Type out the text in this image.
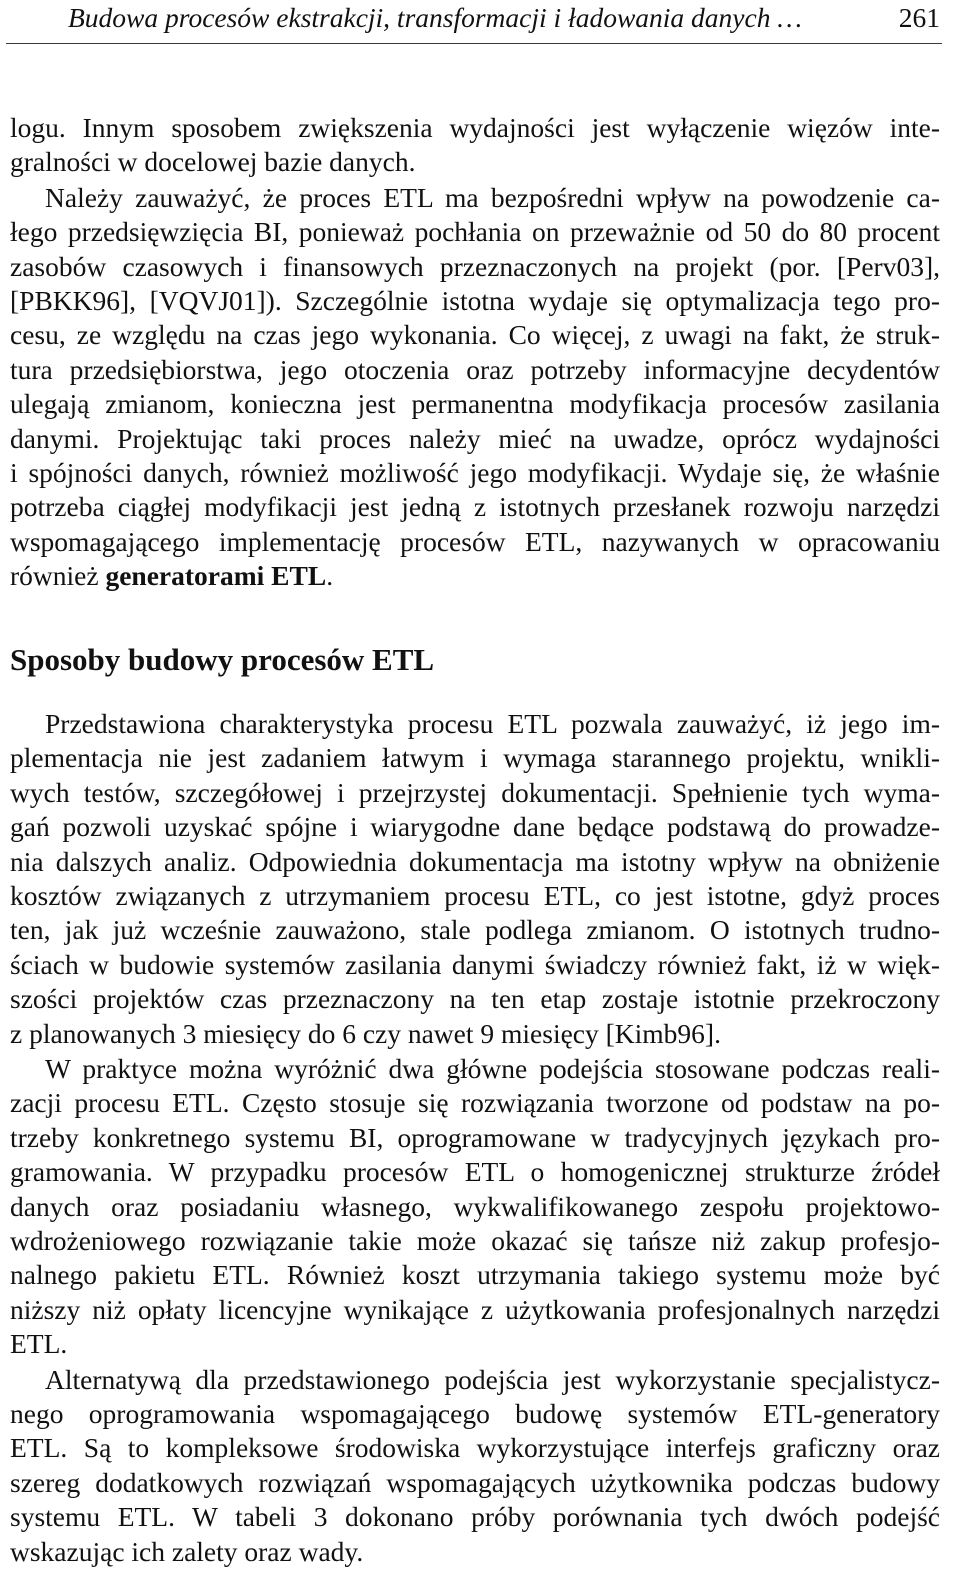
Budowa procesów ekstrakcji, transformacji i ładowania danych …	261
logu. Innym sposobem zwiększenia wydajności jest wyłączenie więzów inte-
gralności w docelowej bazie danych.
Należy zauważyć, że proces ETL ma bezpośredni wpływ na powodzenie ca-
łego przedsięwzięcia BI, ponieważ pochłania on przeważnie od 50 do 80 procent
zasobów czasowych i finansowych przeznaczonych na projekt (por. [Perv03],
[PBKK96], [VQVJ01]). Szczególnie istotna wydaje się optymalizacja tego pro-
cesu, ze względu na czas jego wykonania. Co więcej, z uwagi na fakt, że struk-
tura przedsiębiorstwa, jego otoczenia oraz potrzeby informacyjne decydentów
ulegają zmianom, konieczna jest permanentna modyfikacja procesów zasilania
danymi. Projektując taki proces należy mieć na uwadze, oprócz wydajności
i spójności danych, również możliwość jego modyfikacji. Wydaje się, że właśnie
potrzeba ciągłej modyfikacji jest jedną z istotnych przesłanek rozwoju narzędzi
wspomagającego implementację procesów ETL, nazywanych w opracowaniu
również generatorami ETL.
Sposoby budowy procesów ETL
Przedstawiona charakterystyka procesu ETL pozwala zauważyć, iż jego im-
plementacja nie jest zadaniem łatwym i wymaga starannego projektu, wnikli-
wych testów, szczegółowej i przejrzystej dokumentacji. Spełnienie tych wyma-
gań pozwoli uzyskać spójne i wiarygodne dane będące podstawą do prowadze-
nia dalszych analiz. Odpowiednia dokumentacja ma istotny wpływ na obniżenie
kosztów związanych z utrzymaniem procesu ETL, co jest istotne, gdyż proces
ten, jak już wcześnie zauważono, stale podlega zmianom. O istotnych trudno-
ściach w budowie systemów zasilania danymi świadczy również fakt, iż w więk-
szości projektów czas przeznaczony na ten etap zostaje istotnie przekroczony
z planowanych 3 miesięcy do 6 czy nawet 9 miesięcy [Kimb96].
W praktyce można wyróżnić dwa główne podejścia stosowane podczas reali-
zacji procesu ETL. Często stosuje się rozwiązania tworzone od podstaw na po-
trzeby konkretnego systemu BI, oprogramowane w tradycyjnych językach pro-
gramowania. W przypadku procesów ETL o homogenicznej strukturze źródeł
danych oraz posiadaniu własnego, wykwalifikowanego zespołu projektowo-
wdrożeniowego rozwiązanie takie może okazać się tańsze niż zakup profesjo-
nalnego pakietu ETL. Również koszt utrzymania takiego systemu może być
niższy niż opłaty licencyjne wynikające z użytkowania profesjonalnych narzędzi
ETL.
Alternatywą dla przedstawionego podejścia jest wykorzystanie specjalistycz-
nego oprogramowania wspomagającego budowę systemów ETL-generatory
ETL. Są to kompleksowe środowiska wykorzystujące interfejs graficzny oraz
szereg dodatkowych rozwiązań wspomagających użytkownika podczas budowy
systemu ETL. W tabeli 3 dokonano próby porównania tych dwóch podejść
wskazując ich zalety oraz wady.
